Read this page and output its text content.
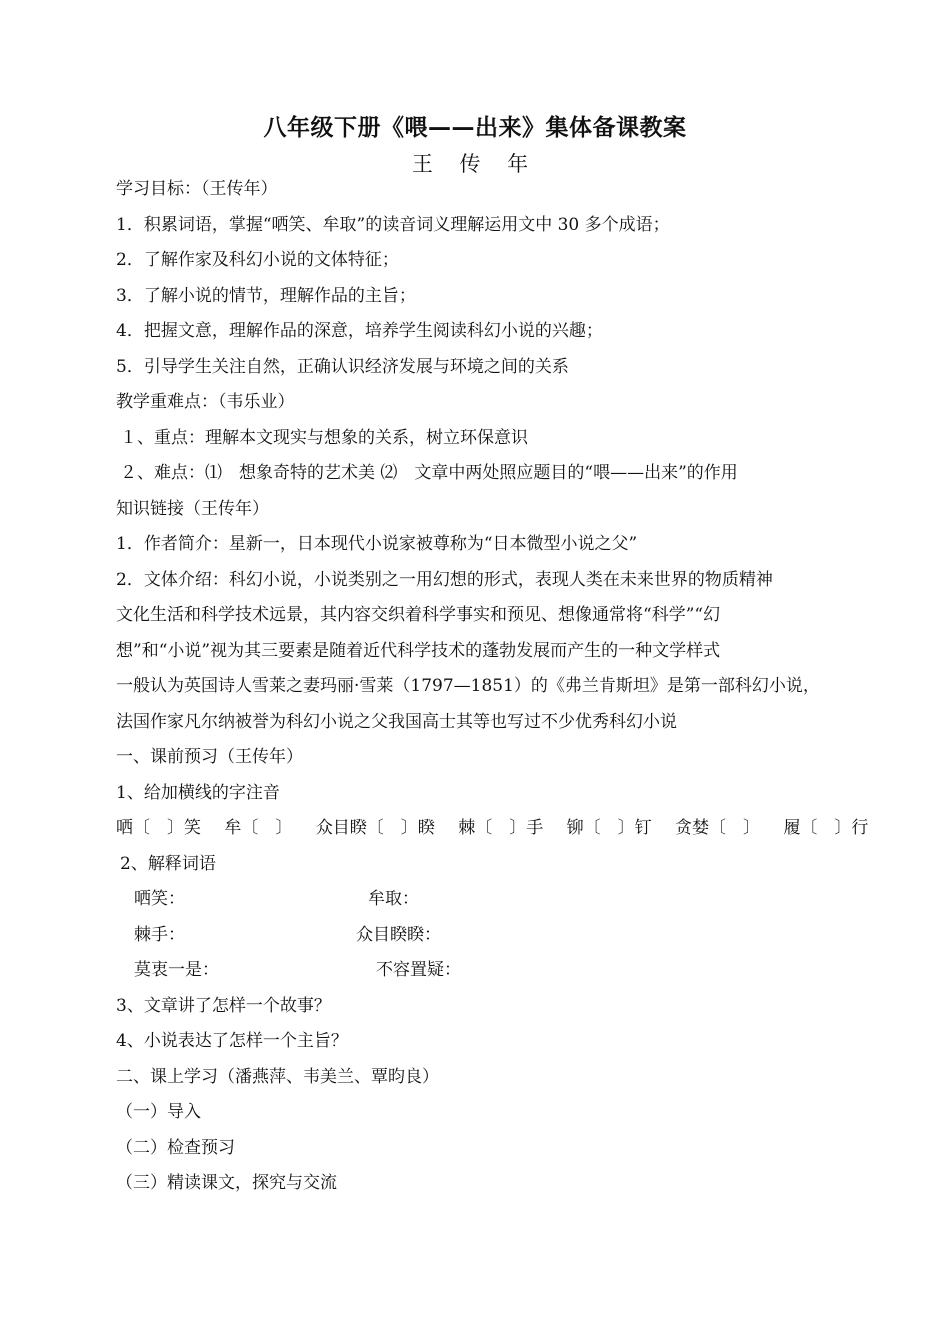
八年级下册《喂——出来》集体备课教案
王 传 年
学习目标：（王传年）
1．积累词语，掌握“哂笑、牟取”的读音词义理解运用文中 30 多个成语；
2．了解作家及科幻小说的文体特征；
3．了解小说的情节，理解作品的主旨；
4．把握文意，理解作品的深意，培养学生阅读科幻小说的兴趣；
5．引导学生关注自然，正确认识经济发展与环境之间的关系
教学重难点：（韦乐业）
１、重点：理解本文现实与想象的关系，树立环保意识
２、难点：⑴　想象奇特的艺术美 ⑵　文章中两处照应题目的“喂——出来”的作用
知识链接（王传年）
1．作者简介：星新一，日本现代小说家被尊称为“日本微型小说之父”
2．文体介绍：科幻小说，小说类别之一用幻想的形式，表现人类在未来世界的物质精神
文化生活和科学技术远景，其内容交织着科学事实和预见、想像通常将“科学”“幻
想”和“小说”视为其三要素是随着近代科学技术的蓬勃发展而产生的一种文学样式
一般认为英国诗人雪莱之妻玛丽·雪莱（1797—1851）的《弗兰肯斯坦》是第一部科幻小说，
法国作家凡尔纳被誉为科幻小说之父我国高士其等也写过不少优秀科幻小说
一、课前预习（王传年）
1、给加横线的字注音
哂〔　〕笑 牟〔　〕 众目睽〔　〕睽 棘〔　〕手 铆〔　〕钉 贪婪〔　〕 履〔　〕行
2、解释词语
哂笑：	牟取：
棘手：	众目睽睽：
莫衷一是：	不容置疑：
3、文章讲了怎样一个故事？
4、小说表达了怎样一个主旨？
二、课上学习（潘燕萍、韦美兰、覃昀良）
（一）导入
（二）检查预习
（三）精读课文，探究与交流
